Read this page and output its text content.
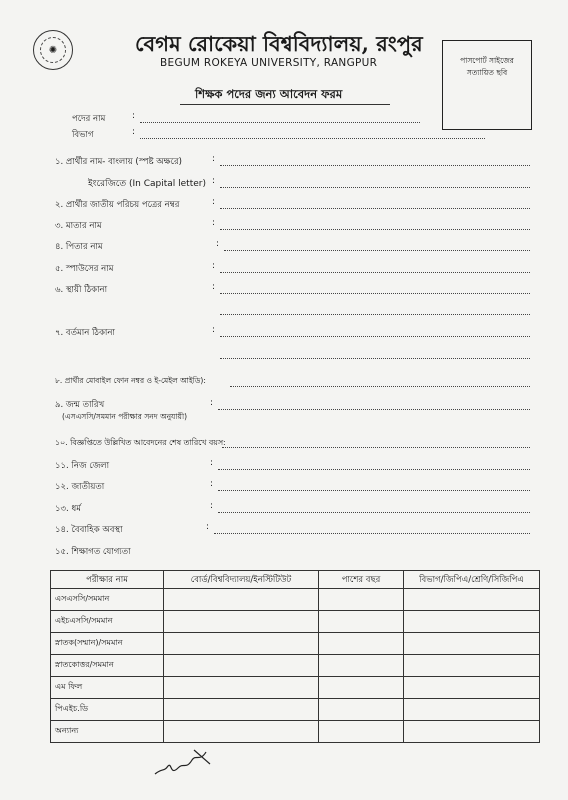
✺	বেগম রোকেয়া বিশ্ববিদ্যালয়, রংপুর
BEGUM ROKEYA UNIVERSITY, RANGPUR	পাসপোর্ট সাইজের
সত্যায়িত ছবি
শিক্ষক পদের জন্য আবেদন ফরম
পদের নাম	:
বিভাগ	:
১. প্রার্থীর নাম- বাংলায় (স্পষ্ট অক্ষরে)	:
ইংরেজিতে (In Capital letter) :
২. প্রার্থীর জাতীয় পরিচয় পত্রের নম্বর	:
৩. মাতার নাম	:
৪. পিতার নাম	:
৫. স্পাউসের নাম	:
৬. স্থায়ী ঠিকানা	:
৭. বর্তমান ঠিকানা	:
৮. প্রার্থীর মোবাইল ফোন নম্বর ও ই-মেইল আইডি):
৯. জন্ম তারিখ
(এসএসসি/সমমান পরীক্ষার সনদ অনুযায়ী)
:
১০. বিজ্ঞপ্তিতে উল্লিখিত আবেদনের শেষ তারিখে বয়স:
১১. নিজ জেলা	:
১২. জাতীয়তা	:
১৩. ধর্ম	:
১৪. বৈবাহিক অবস্থা	:
১৫. শিক্ষাগত যোগ্যতা
পরীক্ষার নাম	বোর্ড/বিশ্ববিদ্যালয়/ইনস্টিটিউট	পাশের বছর	বিভাগ/জিপিএ/শ্রেণি/সিজিপিএ
এসএসসি/সমমান			
এইচএসসি/সমমান			
স্নাতক(সম্মান)/সমমান			
স্নাতকোত্তর/সমমান			
এম ফিল			
পিএইচ.ডি			
অন্যান্য			
